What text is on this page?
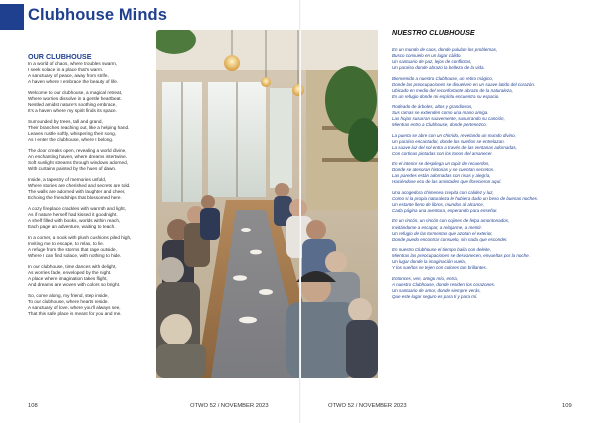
Clubhouse Minds
OUR CLUBHOUSE
In a world of chaos, where troubles swarm,
I seek solace in a place that's warm.
A sanctuary of peace, away from strife,
A haven where I embrace the beauty of life.
Welcome to our clubhouse, a magical retreat,
Where worries dissolve in a gentle heartbeat.
Nestled amidst nature's soothing embrace,
It's a haven where my spirit finds its space.
Surrounded by trees, tall and grand,
Their branches reaching out, like a helping hand.
Leaves rustle softly, whispering their song,
As I enter the clubhouse, where I belong.
The door creaks open, revealing a world divine,
An enchanting haven, where dreams intertwine.
Soft sunlight streams through windows adorned,
With curtains painted by the hues of dawn.
Inside, a tapestry of memories unfold,
Where stories are cherished and secrets are told.
The walls are adorned with laughter and cheer,
Echoing the friendships that blossomed here.
A cozy fireplace crackles with warmth and light,
As if nature herself had kissed it goodnight.
A shelf filled with books, worlds within reach,
Each page an adventure, waiting to teach.
In a corner, a nook with plush cushions piled high,
Inviting me to escape, to relax, to lie.
A refuge from the storms that rage outside,
Where I can find solace, with nothing to hide.
In our clubhouse, time dances with delight,
As worries fade, enveloped by the night.
A place where imagination takes flight,
And dreams are woven with colors so bright.
So, come along, my friend, step inside,
To our clubhouse, where hearts reside.
A sanctuary of love, where you'll always see,
That this safe place is meant for you and me.
108	OTWO 52 / NOVEMBER 2023
NUESTRO CLUBHOUSE
En un mundo de caos, donde pululan los problemas,
Busco consuelo en un lugar cálido.
Un santuario de paz, lejos de conflictos,
Un paraíso donde abrazo la belleza de la vida.
Bienvenido a nuestro Clubhouse, un retiro mágico,
Donde las preocupaciones se disuelven en un suave latido del corazón.
Ubicado en medio del reconfortante abrazo de la naturaleza,
Es un refugio donde mi espíritu encuentra su espacio.
Rodeado de árboles, altos y grandiosos,
Sus ramas se extienden como una mano amiga.
Las hojas susurran suavemente, susurrando su canción,
Mientras entro a Clubhouse, donde pertenezco.
La puerta se abre con un chirrido, revelando un mundo divino,
Un paraíso encantador, donde los sueños se entrelazan.
La suave luz del sol entra a través de las ventanas adornadas,
Con cortinas pintadas con los tonos del amanecer.
En el interior se despliega un tapiz de recuerdos,
Donde se atesoran historias y se cuentan secretos.
Las paredes están adornadas con risas y alegría,
Haciéndose eco de las amistades que florecieron aquí.
Una acogedora chimenea crepita con calidez y luz,
Como si la propia naturaleza le hubiera dado un beso de buenas noches.
Un estante lleno de libros, mundos al alcance,
Cada página una aventura, esperando para enseñar.
En un rincón, un rincón con cojines de felpa amontonados,
Invitándome a escapar, a relajarme, a mentir.
Un refugio de las tormentas que azotan el exterior,
Donde puedo encontrar consuelo, sin nada que esconder.
En nuestro Clubhouse el tiempo baila con deleite,
Mientras las preocupaciones se desvanecen, envueltas por la noche.
Un lugar donde la imaginación vuela,
Y los sueños se tejen con colores tan brillantes.
Entonces, ven, amigo mío, entra,
A nuestro Clubhouse, donde residen los corazones.
Un santuario de amor, donde siempre verás,
Que este lugar seguro es para ti y para mí.
OTWO 52 / NOVEMBER 2023	109
